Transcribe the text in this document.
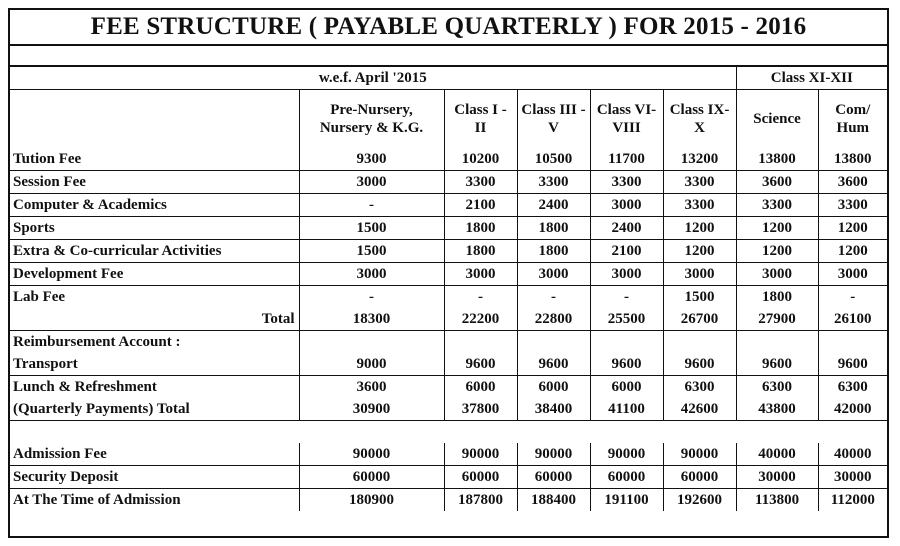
FEE STRUCTURE ( PAYABLE QUARTERLY ) FOR 2015 - 2016
w.e.f. April '2015						Class XI-XII	
	Pre-Nursery, Nursery & K.G.	Class I - II	Class III - V	Class VI-VIII	Class IX-X	Science	Com/ Hum
Tution Fee	9300	10200	10500	11700	13200	13800	13800
Session Fee	3000	3300	3300	3300	3300	3600	3600
Computer & Academics	-	2100	2400	3000	3300	3300	3300
Sports	1500	1800	1800	2400	1200	1200	1200
Extra & Co-curricular Activities	1500	1800	1800	2100	1200	1200	1200
Development Fee	3000	3000	3000	3000	3000	3000	3000
Lab Fee	-	-	-	-	1500	1800	-
Total	18300	22200	22800	25500	26700	27900	26100
Reimbursement Account :							
Transport	9000	9600	9600	9600	9600	9600	9600
Lunch & Refreshment	3600	6000	6000	6000	6300	6300	6300
(Quarterly Payments) Total	30900	37800	38400	41100	42600	43800	42000

Admission Fee	90000	90000	90000	90000	90000	40000	40000
Security Deposit	60000	60000	60000	60000	60000	30000	30000
At The Time of Admission	180900	187800	188400	191100	192600	113800	112000
